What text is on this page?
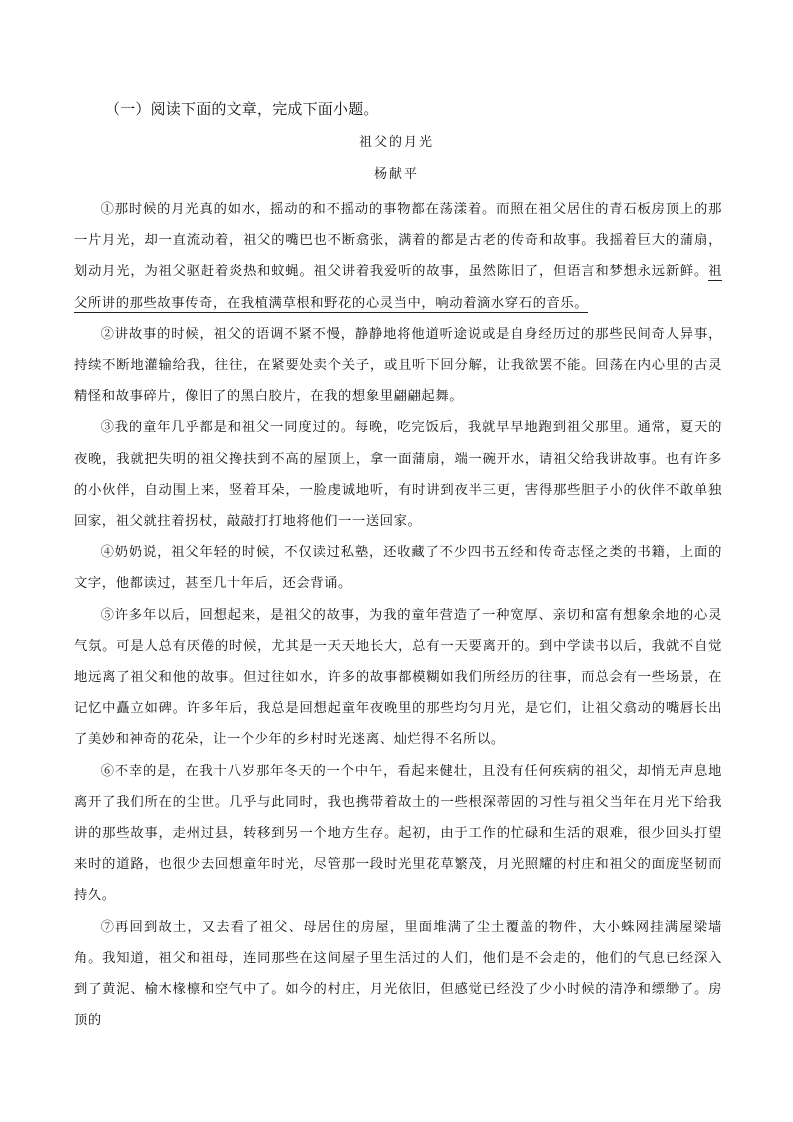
（一）阅读下面的文章，完成下面小题。
祖父的月光
杨献平

①那时候的月光真的如水，摇动的和不摇动的事物都在荡漾着。而照在祖父居住的青石板房顶上的那一片月光，却一直流动着，祖父的嘴巴也不断翕张，满着的都是古老的传奇和故事。我摇着巨大的蒲扇，划动月光，为祖父驱赶着炎热和蚊蝇。祖父讲着我爱听的故事，虽然陈旧了，但语言和梦想永远新鲜。祖父所讲的那些故事传奇，在我植满草根和野花的心灵当中，响动着滴水穿石的音乐。

②讲故事的时候，祖父的语调不紧不慢，静静地将他道听途说或是自身经历过的那些民间奇人异事，持续不断地灌输给我，往往，在紧要处卖个关子，或且听下回分解，让我欲罢不能。回荡在内心里的古灵精怪和故事碎片，像旧了的黑白胶片，在我的想象里翩翩起舞。

③我的童年几乎都是和祖父一同度过的。每晚，吃完饭后，我就早早地跑到祖父那里。通常，夏天的夜晚，我就把失明的祖父搀扶到不高的屋顶上，拿一面蒲扇，端一碗开水，请祖父给我讲故事。也有许多的小伙伴，自动围上来，竖着耳朵，一脸虔诚地听，有时讲到夜半三更，害得那些胆子小的伙伴不敢单独回家，祖父就拄着拐杖，敲敲打打地将他们一一送回家。

④奶奶说，祖父年轻的时候，不仅读过私塾，还收藏了不少四书五经和传奇志怪之类的书籍，上面的文字，他都读过，甚至几十年后，还会背诵。

⑤许多年以后，回想起来，是祖父的故事，为我的童年营造了一种宽厚、亲切和富有想象余地的心灵气氛。可是人总有厌倦的时候，尤其是一天天地长大，总有一天要离开的。到中学读书以后，我就不自觉地远离了祖父和他的故事。但过往如水，许多的故事都模糊如我们所经历的往事，而总会有一些场景，在记忆中矗立如碑。许多年后，我总是回想起童年夜晚里的那些均匀月光，是它们，让祖父翕动的嘴唇长出了美妙和神奇的花朵，让一个少年的乡村时光迷离、灿烂得不名所以。

⑥不幸的是，在我十八岁那年冬天的一个中午，看起来健壮，且没有任何疾病的祖父，却悄无声息地离开了我们所在的尘世。几乎与此同时，我也携带着故土的一些根深蒂固的习性与祖父当年在月光下给我讲的那些故事，走州过县，转移到另一个地方生存。起初，由于工作的忙碌和生活的艰难，很少回头打望来时的道路，也很少去回想童年时光，尽管那一段时光里花草繁茂，月光照耀的村庄和祖父的面庞坚韧而持久。

⑦再回到故土，又去看了祖父、母居住的房屋，里面堆满了尘土覆盖的物件，大小蛛网挂满屋梁墙角。我知道，祖父和祖母，连同那些在这间屋子里生活过的人们，他们是不会走的，他们的气息已经深入到了黄泥、榆木椽檩和空气中了。如今的村庄，月光依旧，但感觉已经没了少小时候的清净和缥缈了。房顶的
